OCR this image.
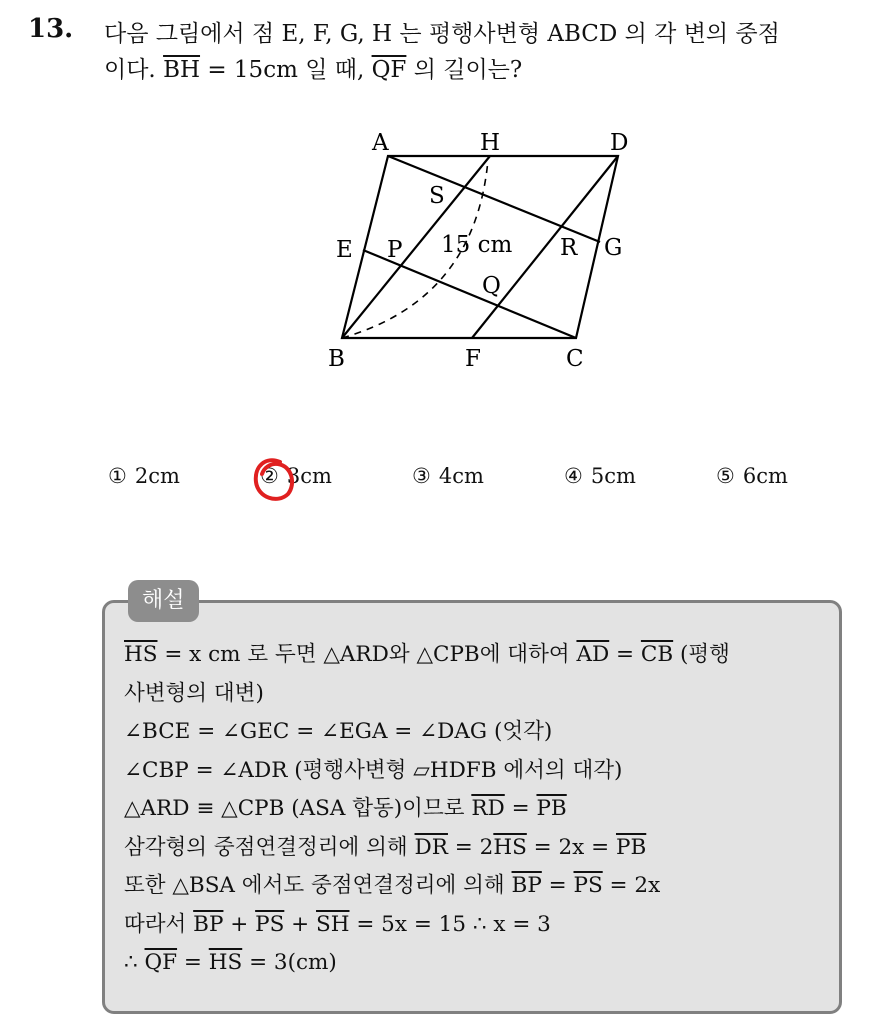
13. 다음 그림에서 점 E, F, G, H 는 평행사변형 ABCD 의 각 변의 중점
이다. $\overline{BH} = 15cm$ 일 때, $\overline{QF}$ 의 길이는?
A	H	D
S
E P 15 cm R G
Q
B	F	C
① 2cm	② 3cm	③ 4cm	④ 5cm	⑤ 6cm
해설
$\overline{HS} = x$ cm 로 두면 △ARD와 △CPB에 대하여 $\overline{AD} = \overline{CB}$ (평행
사변형의 대변)
∠BCE = ∠GEC = ∠EGA = ∠DAG (엇각)
∠CBP = ∠ADR (평행사변형 ▱HDFB 에서의 대각)
△ARD ≡ △CPB (ASA 합동)이므로 $\overline{RD} = \overline{PB}$
삼각형의 중점연결정리에 의해 $\overline{DR} = 2\overline{HS} = 2x = \overline{PB}$
또한 △BSA 에서도 중점연결정리에 의해 $\overline{BP} = \overline{PS} = 2x$
따라서 $\overline{BP} + \overline{PS} + \overline{SH} = 5x = 15$ ∴ x = 3
∴ $\overline{QF} = \overline{HS} = 3(cm)$
